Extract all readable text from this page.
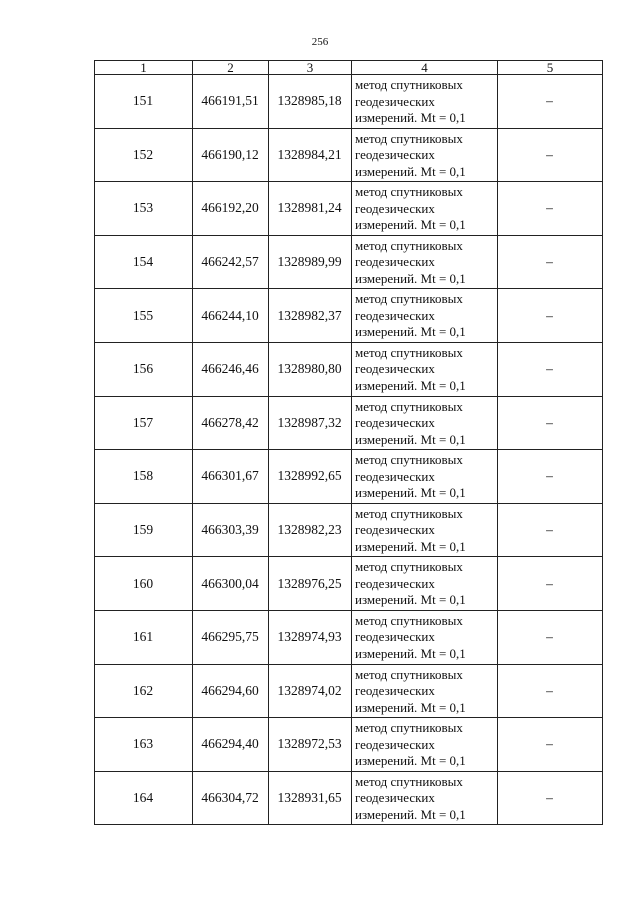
256
1	2	3	4	5
151	466191,51	1328985,18	метод спутниковых
геодезических
измерений. Mt = 0,1	–
152	466190,12	1328984,21	метод спутниковых
геодезических
измерений. Mt = 0,1	–
153	466192,20	1328981,24	метод спутниковых
геодезических
измерений. Mt = 0,1	–
154	466242,57	1328989,99	метод спутниковых
геодезических
измерений. Mt = 0,1	–
155	466244,10	1328982,37	метод спутниковых
геодезических
измерений. Mt = 0,1	–
156	466246,46	1328980,80	метод спутниковых
геодезических
измерений. Mt = 0,1	–
157	466278,42	1328987,32	метод спутниковых
геодезических
измерений. Mt = 0,1	–
158	466301,67	1328992,65	метод спутниковых
геодезических
измерений. Mt = 0,1	–
159	466303,39	1328982,23	метод спутниковых
геодезических
измерений. Mt = 0,1	–
160	466300,04	1328976,25	метод спутниковых
геодезических
измерений. Mt = 0,1	–
161	466295,75	1328974,93	метод спутниковых
геодезических
измерений. Mt = 0,1	–
162	466294,60	1328974,02	метод спутниковых
геодезических
измерений. Mt = 0,1	–
163	466294,40	1328972,53	метод спутниковых
геодезических
измерений. Mt = 0,1	–
164	466304,72	1328931,65	метод спутниковых
геодезических
измерений. Mt = 0,1	–
